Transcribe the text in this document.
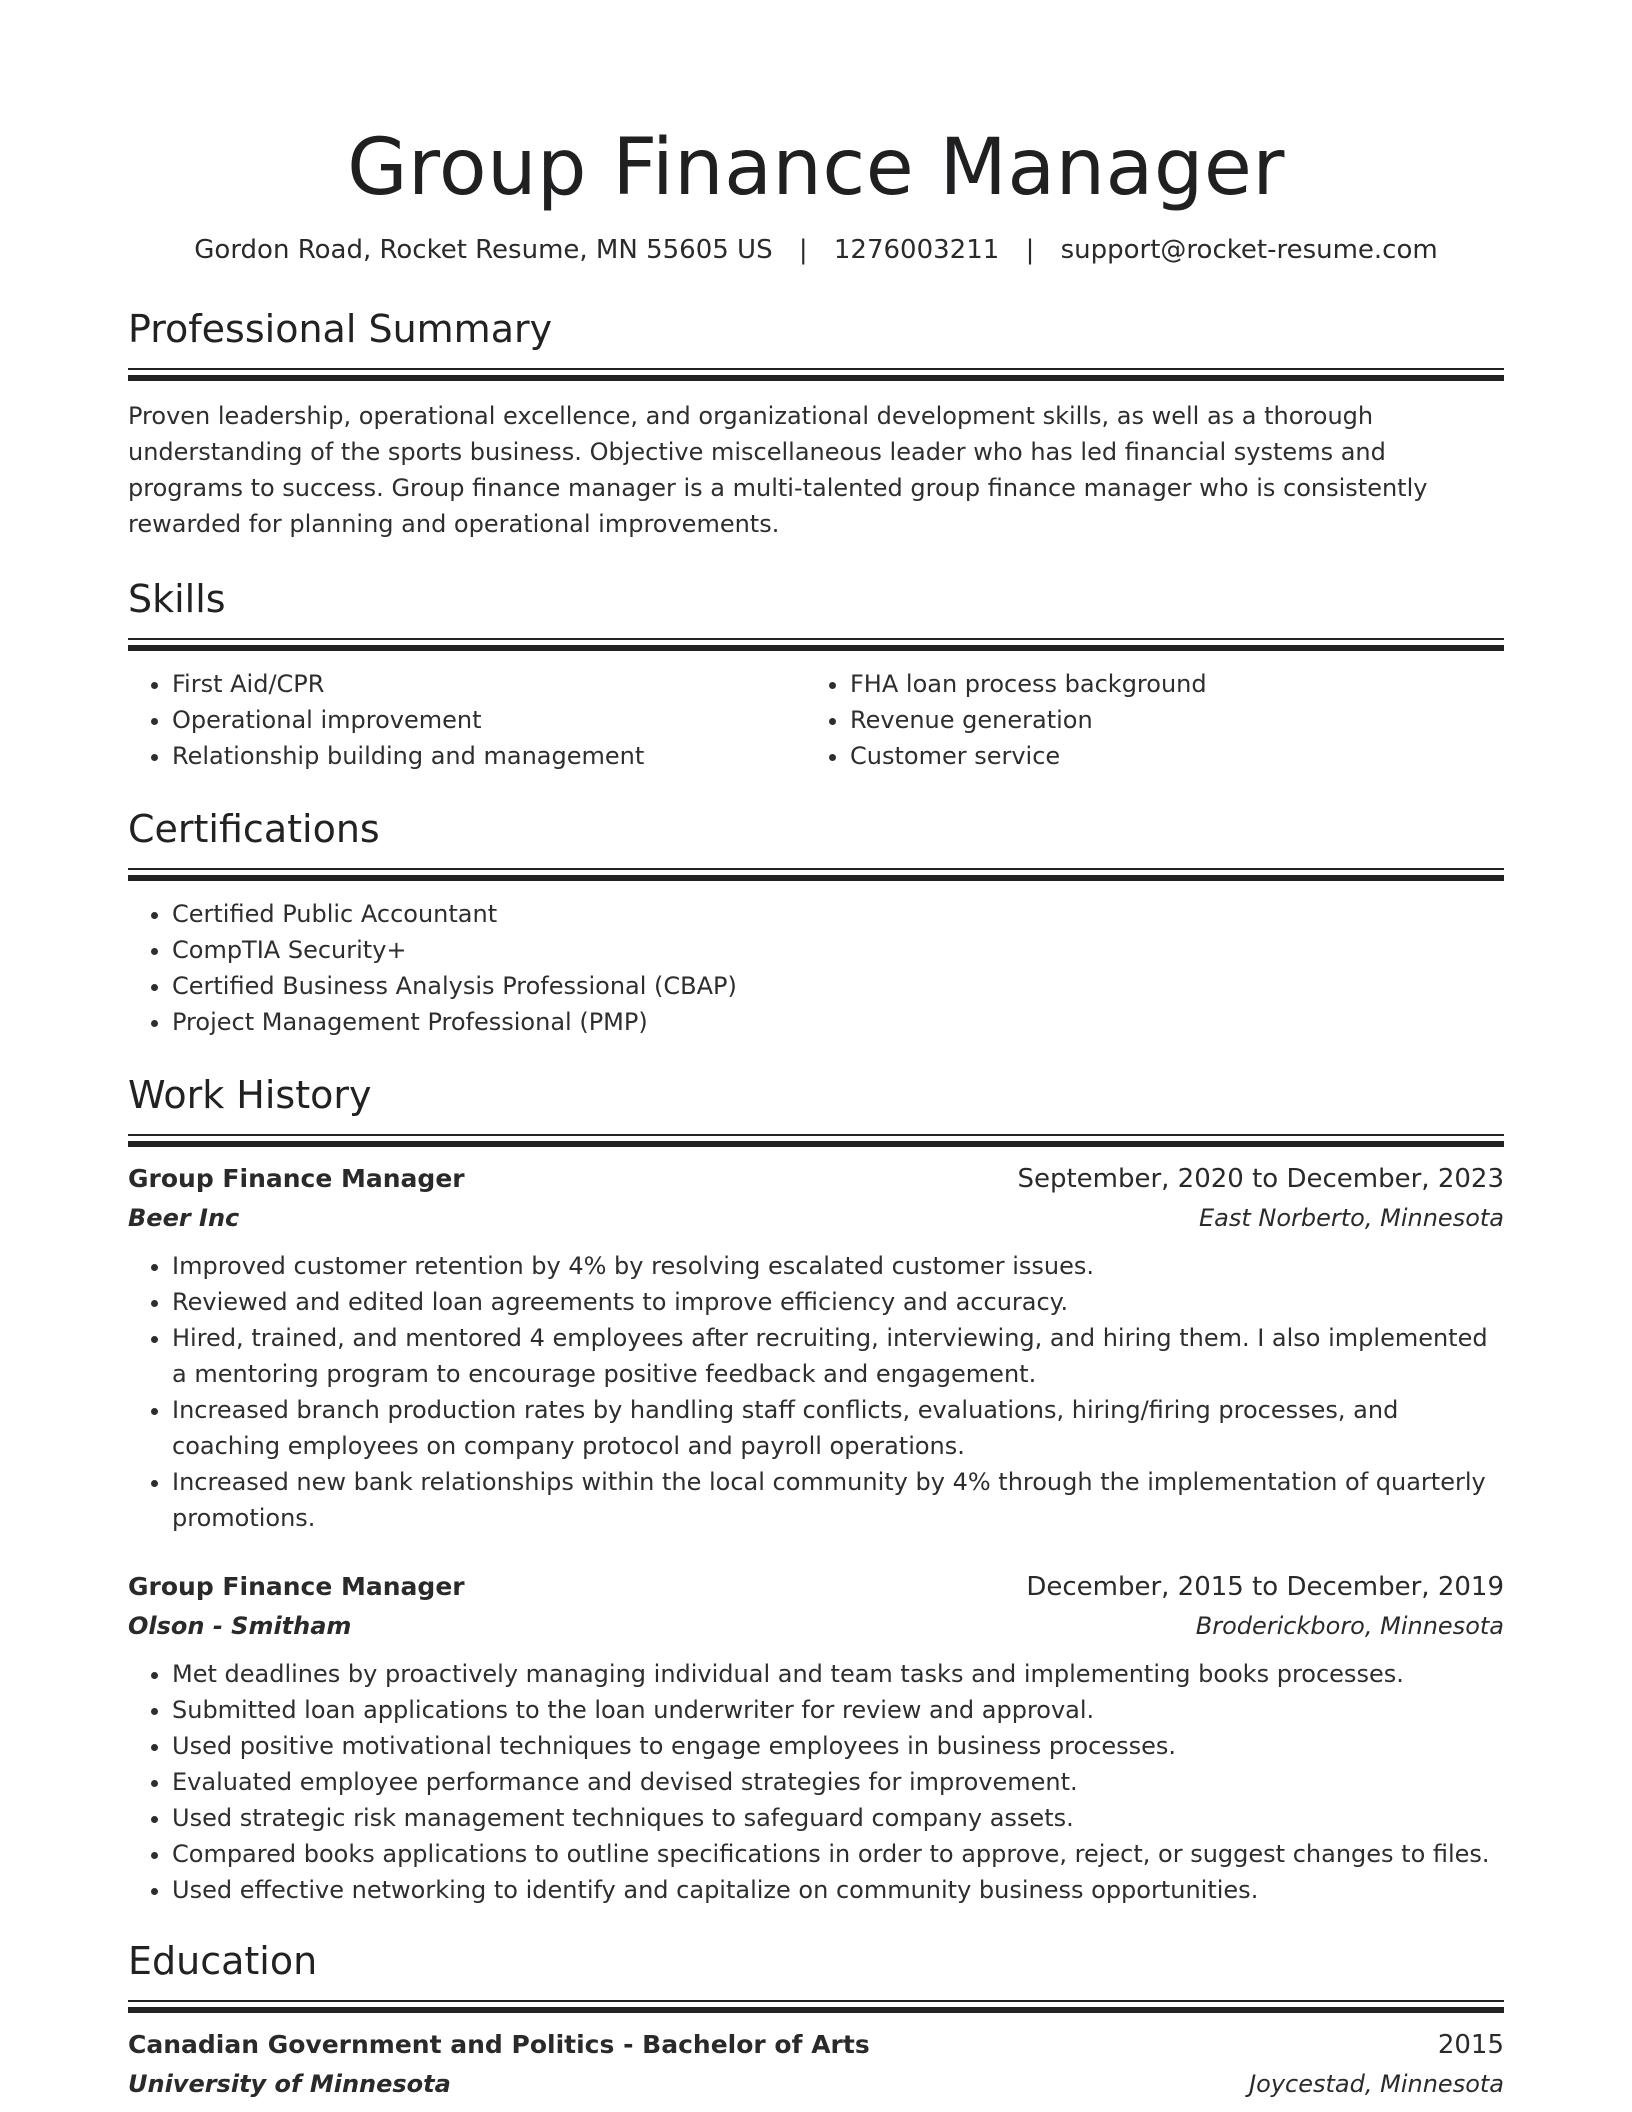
Group Finance Manager
Gordon Road, Rocket Resume, MN 55605 US | 1276003211 | support@rocket-resume.com
Professional Summary

Proven leadership, operational excellence, and organizational development skills, as well as a thorough understanding of the sports business. Objective miscellaneous leader who has led financial systems and programs to success. Group finance manager is a multi-talented group finance manager who is consistently rewarded for planning and operational improvements.

Skills
• First Aid/CPR
• Operational improvement
• Relationship building and management
• FHA loan process background
• Revenue generation
• Customer service
Certifications
• Certified Public Accountant
• CompTIA Security+
• Certified Business Analysis Professional (CBAP)
• Project Management Professional (PMP)
Work History
Group Finance Manager	September, 2020 to December, 2023
Beer Inc	East Norberto, Minnesota
• Improved customer retention by 4% by resolving escalated customer issues.
• Reviewed and edited loan agreements to improve efficiency and accuracy.
• Hired, trained, and mentored 4 employees after recruiting, interviewing, and hiring them. I also implemented a mentoring program to encourage positive feedback and engagement.
• Increased branch production rates by handling staff conflicts, evaluations, hiring/firing processes, and coaching employees on company protocol and payroll operations.
• Increased new bank relationships within the local community by 4% through the implementation of quarterly promotions.
Group Finance Manager	December, 2015 to December, 2019
Olson - Smitham	Broderickboro, Minnesota
• Met deadlines by proactively managing individual and team tasks and implementing books processes.
• Submitted loan applications to the loan underwriter for review and approval.
• Used positive motivational techniques to engage employees in business processes.
• Evaluated employee performance and devised strategies for improvement.
• Used strategic risk management techniques to safeguard company assets.
• Compared books applications to outline specifications in order to approve, reject, or suggest changes to files.
• Used effective networking to identify and capitalize on community business opportunities.
Education
Canadian Government and Politics - Bachelor of Arts	2015
University of Minnesota	Joycestad, Minnesota
